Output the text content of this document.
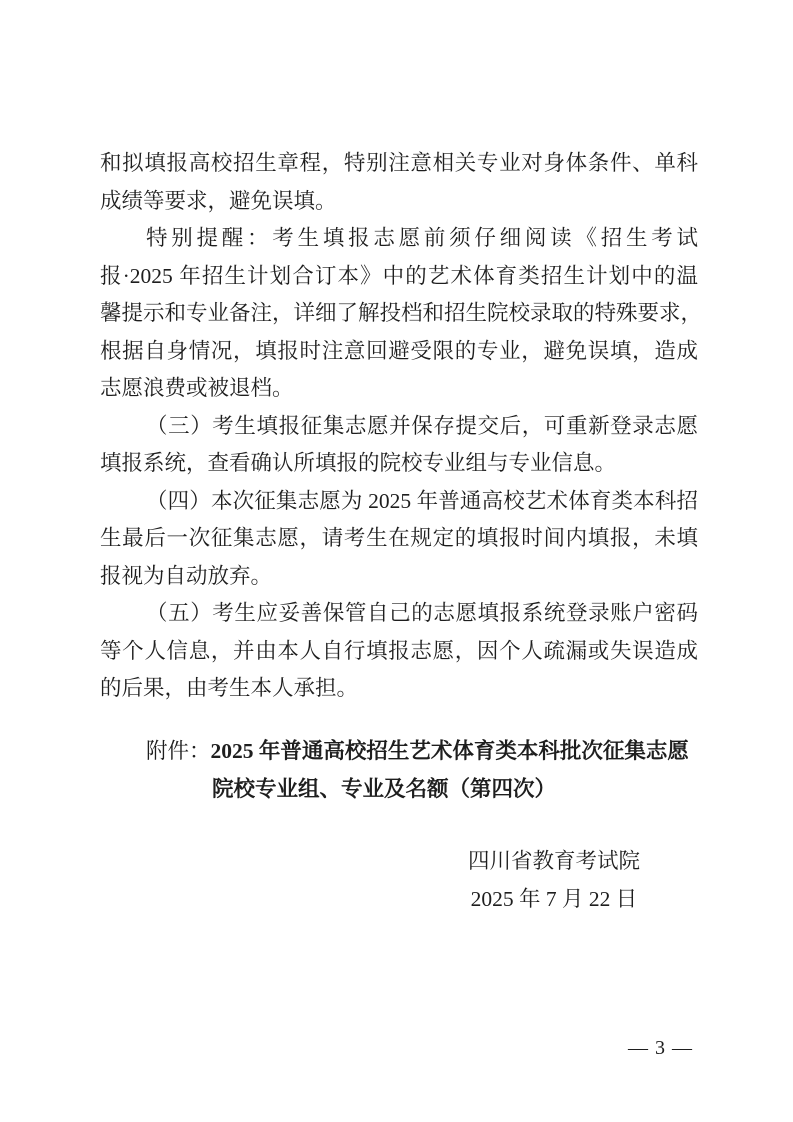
和拟填报高校招生章程，特别注意相关专业对身体条件、单科
成绩等要求，避免误填。
特别提醒：考生填报志愿前须仔细阅读《招生考试
报·2025 年招生计划合订本》中的艺术体育类招生计划中的温
馨提示和专业备注，详细了解投档和招生院校录取的特殊要求，
根据自身情况，填报时注意回避受限的专业，避免误填，造成
志愿浪费或被退档。
（三）考生填报征集志愿并保存提交后，可重新登录志愿
填报系统，查看确认所填报的院校专业组与专业信息。
（四）本次征集志愿为 2025 年普通高校艺术体育类本科招
生最后一次征集志愿，请考生在规定的填报时间内填报，未填
报视为自动放弃。
（五）考生应妥善保管自己的志愿填报系统登录账户密码
等个人信息，并由本人自行填报志愿，因个人疏漏或失误造成
的后果，由考生本人承担。
附件：2025 年普通高校招生艺术体育类本科批次征集志愿
院校专业组、专业及名额（第四次）
四川省教育考试院
2025 年 7 月 22 日
— 3 —
